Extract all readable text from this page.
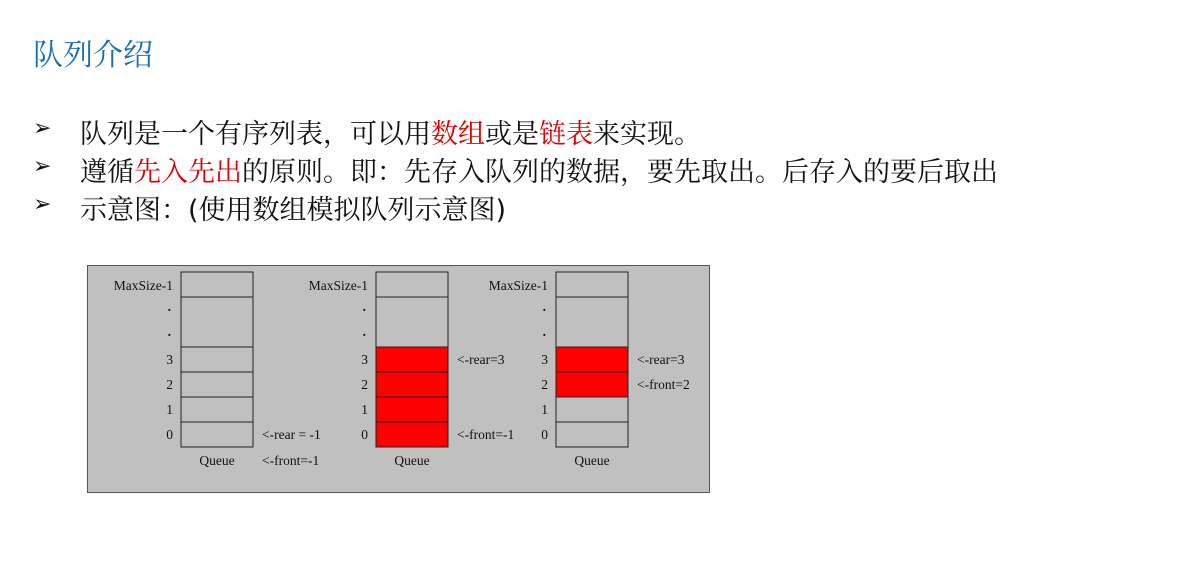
队列介绍
➢ 队列是一个有序列表，可以用数组或是链表来实现。
➢ 遵循先入先出的原则。即：先存入队列的数据，要先取出。后存入的要后取出
➢ 示意图：(使用数组模拟队列示意图)
3
2
1
0
MaxSize-1
.
.
Queue
<-rear = -1
<-front=-1
3
2
1
0
MaxSize-1
.
.
Queue
<-rear=3
<-front=-1
3
2
1
0
MaxSize-1
.
.
Queue
<-rear=3
<-front=2
